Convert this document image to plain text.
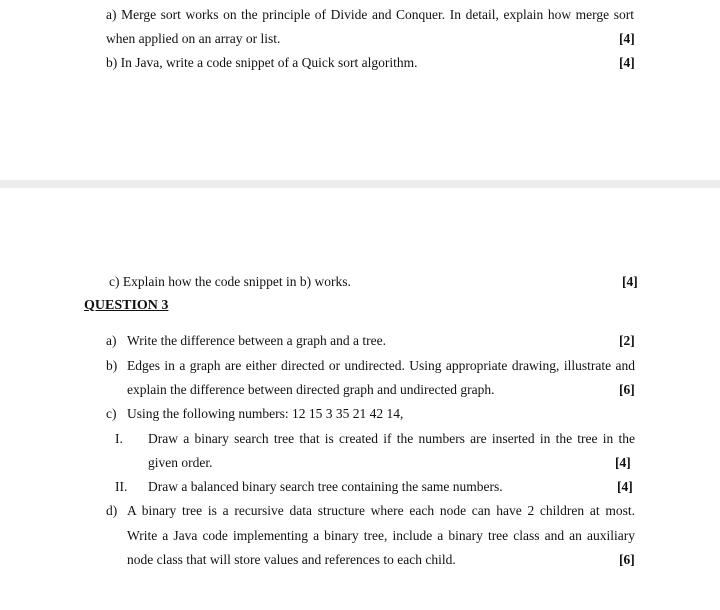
a) Merge sort works on the principle of Divide and Conquer. In detail, explain how merge sort
when applied on an array or list.	[4]
b) In Java, write a code snippet of a Quick sort algorithm.	[4]
c) Explain how the code snippet in b) works.	[4]
QUESTION 3
a) Write the difference between a graph and a tree.	[2]
b) Edges in a graph are either directed or undirected. Using appropriate drawing, illustrate and
explain the difference between directed graph and undirected graph.	[6]
c) Using the following numbers: 12 15 3 35 21 42 14,
I. Draw a binary search tree that is created if the numbers are inserted in the tree in the
given order.	[4]
II. Draw a balanced binary search tree containing the same numbers.	[4]
d) A binary tree is a recursive data structure where each node can have 2 children at most.
Write a Java code implementing a binary tree, include a binary tree class and an auxiliary
node class that will store values and references to each child.	[6]
